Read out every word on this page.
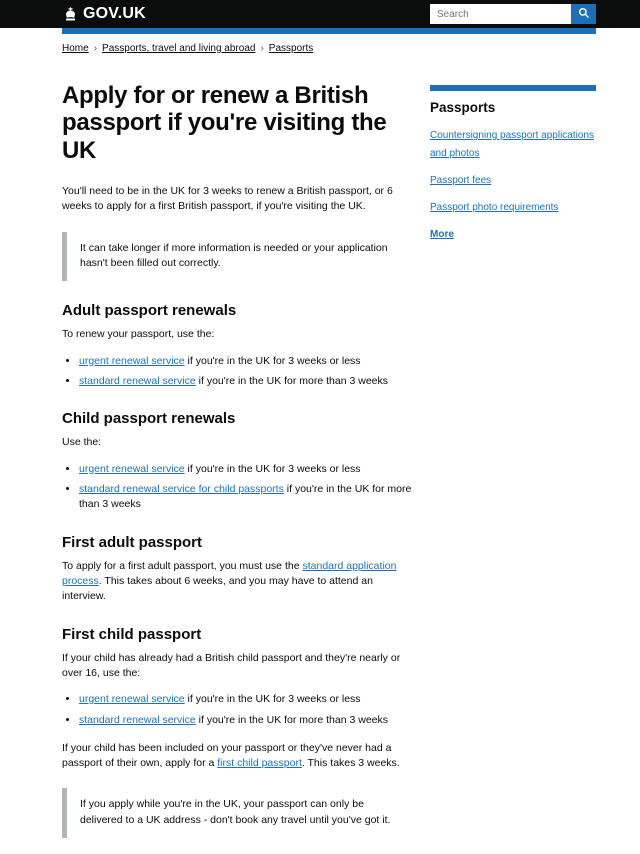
GOV.UK
Search
Home › Passports, travel and living abroad › Passports
Apply for or renew a British passport if you're visiting the UK

You'll need to be in the UK for 3 weeks to renew a British passport, or 6 weeks to apply for a first British passport, if you're visiting the UK.

It can take longer if more information is needed or your application hasn't been filled out correctly.
Adult passport renewals

To renew your passport, use the:

• urgent renewal service if you're in the UK for 3 weeks or less
• standard renewal service if you're in the UK for more than 3 weeks
Child passport renewals

Use the:

• urgent renewal service if you're in the UK for 3 weeks or less
• standard renewal service for child passports if you're in the UK for more than 3 weeks
First adult passport

To apply for a first adult passport, you must use the standard application process. This takes about 6 weeks, and you may have to attend an interview.

First child passport

If your child has already had a British child passport and they're nearly or over 16, use the:

• urgent renewal service if you're in the UK for 3 weeks or less
• standard renewal service if you're in the UK for more than 3 weeks

If your child has been included on your passport or they've never had a passport of their own, apply for a first child passport. This takes 3 weeks.

If you apply while you're in the UK, your passport can only be delivered to a UK address - don't book any travel until you've got it.
Passports
Countersigning passport applications and photos
Passport fees
Passport photo requirements
More
